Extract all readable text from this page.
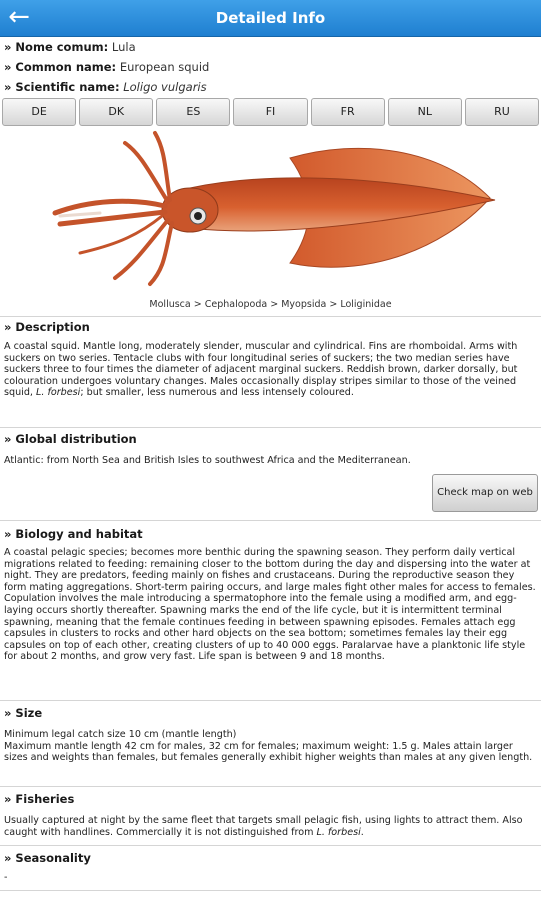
←	Detailed Info
» Nome comum: Lula
» Common name: European squid
» Scientific name: Loligo vulgaris
DE	DK	ES	FI	FR	NL	RU
Mollusca > Cephalopoda > Myopsida > Loliginidae
» Description
A coastal squid. Mantle long, moderately slender, muscular and cylindrical. Fins are rhomboidal. Arms with suckers on two series. Tentacle clubs with four longitudinal series of suckers; the two median series have suckers three to four times the diameter of adjacent marginal suckers. Reddish brown, darker dorsally, but colouration undergoes voluntary changes. Males occasionally display stripes similar to those of the veined squid, L. forbesi; but smaller, less numerous and less intensely coloured.
» Global distribution
Atlantic: from North Sea and British Isles to southwest Africa and the Mediterranean.
Check map on web
» Biology and habitat
A coastal pelagic species; becomes more benthic during the spawning season. They perform daily vertical migrations related to feeding: remaining closer to the bottom during the day and dispersing into the water at night. They are predators, feeding mainly on fishes and crustaceans. During the reproductive season they form mating aggregations. Short-term pairing occurs, and large males fight other males for access to females. Copulation involves the male introducing a spermatophore into the female using a modified arm, and egg-laying occurs shortly thereafter. Spawning marks the end of the life cycle, but it is intermittent terminal spawning, meaning that the female continues feeding in between spawning episodes. Females attach egg capsules in clusters to rocks and other hard objects on the sea bottom; sometimes females lay their egg capsules on top of each other, creating clusters of up to 40 000 eggs. Paralarvae have a planktonic life style for about 2 months, and grow very fast. Life span is between 9 and 18 months.
» Size
Minimum legal catch size 10 cm (mantle length)
Maximum mantle length 42 cm for males, 32 cm for females; maximum weight: 1.5 g. Males attain larger sizes and weights than females, but females generally exhibit higher weights than males at any given length.
» Fisheries
Usually captured at night by the same fleet that targets small pelagic fish, using lights to attract them. Also caught with handlines. Commercially it is not distinguished from L. forbesi.
» Seasonality
-
